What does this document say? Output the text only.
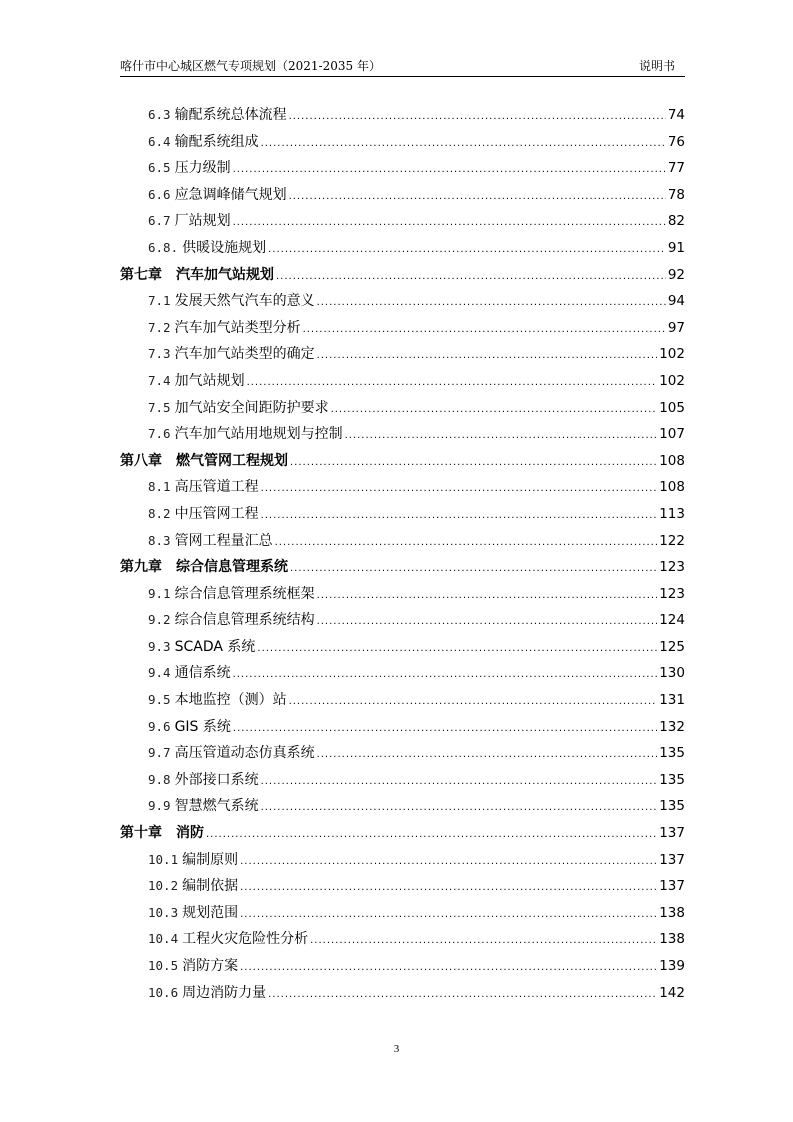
喀什市中心城区燃气专项规划（2021-2035 年）	说明书
6.3 输配系统总体流程 .....	74
6.4 输配系统组成 .....	76
6.5 压力级制 .....	77
6.6 应急调峰储气规划 .....	78
6.7 厂站规划 .....	82
6.8. 供暖设施规划 .....	91
第七章 汽车加气站规划 .....	92
7.1 发展天然气汽车的意义 .....	94
7.2 汽车加气站类型分析 .....	97
7.3 汽车加气站类型的确定 .....	102
7.4 加气站规划 .....	102
7.5 加气站安全间距防护要求 .....	105
7.6 汽车加气站用地规划与控制 .....	107
第八章 燃气管网工程规划 .....	108
8.1 高压管道工程 .....	108
8.2 中压管网工程 .....	113
8.3 管网工程量汇总 .....	122
第九章 综合信息管理系统 .....	123
9.1 综合信息管理系统框架 .....	123
9.2 综合信息管理系统结构 .....	124
9.3 SCADA 系统 .....	125
9.4 通信系统 .....	130
9.5 本地监控（测）站 .....	131
9.6 GIS 系统 .....	132
9.7 高压管道动态仿真系统 .....	135
9.8 外部接口系统 .....	135
9.9 智慧燃气系统 .....	135
第十章 消防 .....	137
10.1 编制原则 .....	137
10.2 编制依据 .....	137
10.3 规划范围 .....	138
10.4 工程火灾危险性分析 .....	138
10.5 消防方案 .....	139
10.6 周边消防力量 .....	142
3
